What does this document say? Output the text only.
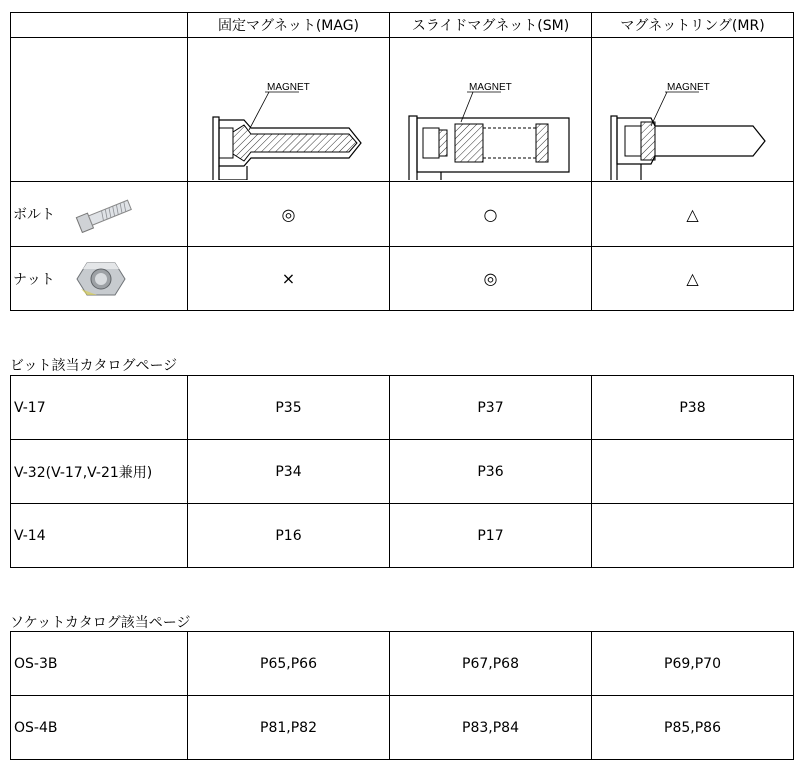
	固定マグネット(MAG)	スライドマグネット(SM)	マグネットリング(MR)

MAGNET	MAGNET	MAGNET

ボルト	◎	○	△

ナット	×	◎	△
ビット該当カタログページ
V-17	P35	P37	P38
V-32(V-17,V-21兼用)	P34	P36	
V-14	P16	P17	
ソケットカタログ該当ページ
OS-3B	P65,P66	P67,P68	P69,P70
OS-4B	P81,P82	P83,P84	P85,P86
